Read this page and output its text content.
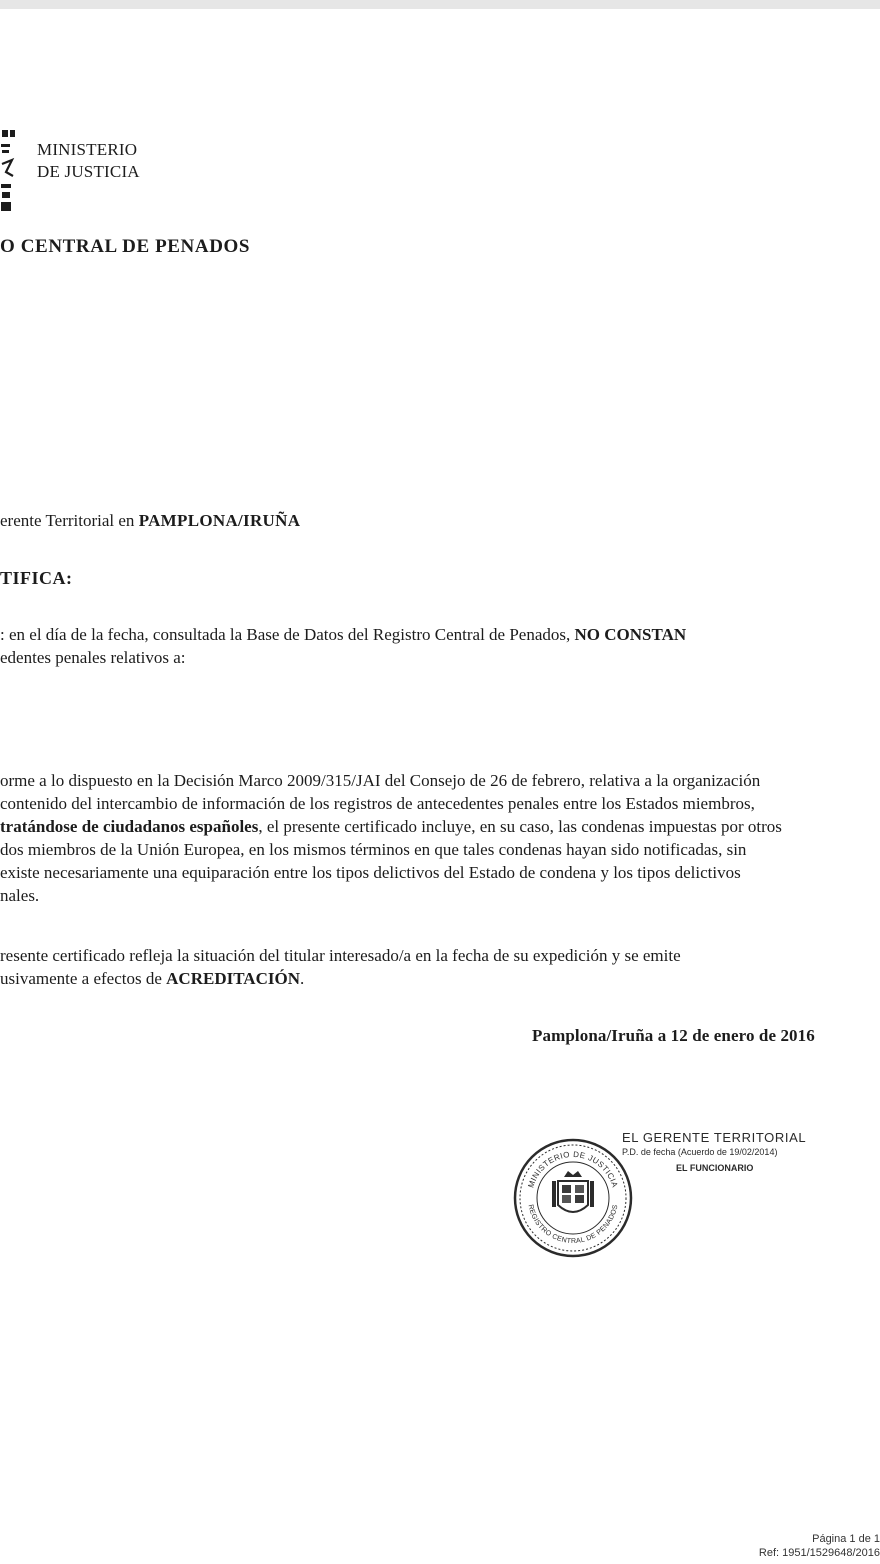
MINISTERIO
DE JUSTICIA
O CENTRAL DE PENADOS
erente Territorial en PAMPLONA/IRUÑA
TIFICA:
: en el día de la fecha, consultada la Base de Datos del Registro Central de Penados, NO CONSTAN
edentes penales relativos a:
orme a lo dispuesto en la Decisión Marco 2009/315/JAI del Consejo de 26 de febrero, relativa a la organización
contenido del intercambio de información de los registros de antecedentes penales entre los Estados miembros,
tratándose de ciudadanos españoles, el presente certificado incluye, en su caso, las condenas impuestas por otros
dos miembros de la Unión Europea, en los mismos términos en que tales condenas hayan sido notificadas, sin
existe necesariamente una equiparación entre los tipos delictivos del Estado de condena y los tipos delictivos
nales.
resente certificado refleja la situación del titular interesado/a en la fecha de su expedición y se emite
usivamente a efectos de ACREDITACIÓN.
Pamplona/Iruña a 12 de enero de 2016
MINISTERIO DE JUSTICIA
REGISTRO CENTRAL DE PENADOS
EL GERENTE TERRITORIAL
P.D. de fecha (Acuerdo de 19/02/2014)
EL FUNCIONARIO
Página 1 de 1
Ref: 1951/1529648/2016
